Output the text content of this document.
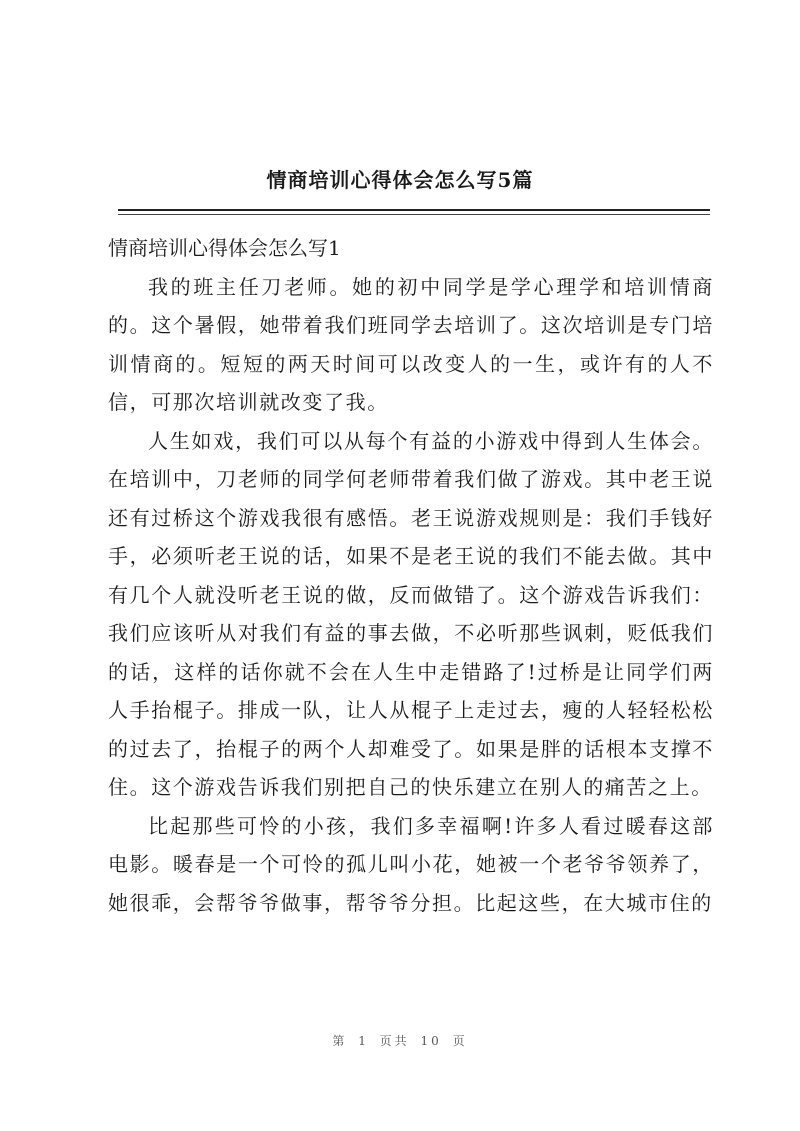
情商培训心得体会怎么写5篇
情商培训心得体会怎么写1

我的班主任刀老师。她的初中同学是学心理学和培训情商的。这个暑假，她带着我们班同学去培训了。这次培训是专门培训情商的。短短的两天时间可以改变人的一生，或许有的人不信，可那次培训就改变了我。

人生如戏，我们可以从每个有益的小游戏中得到人生体会。在培训中，刀老师的同学何老师带着我们做了游戏。其中老王说还有过桥这个游戏我很有感悟。老王说游戏规则是：我们手钱好手，必须听老王说的话，如果不是老王说的我们不能去做。其中有几个人就没听老王说的做，反而做错了。这个游戏告诉我们：我们应该听从对我们有益的事去做，不必听那些讽刺，贬低我们的话，这样的话你就不会在人生中走错路了!过桥是让同学们两人手抬棍子。排成一队，让人从棍子上走过去，瘦的人轻轻松松的过去了，抬棍子的两个人却难受了。如果是胖的话根本支撑不住。这个游戏告诉我们别把自己的快乐建立在别人的痛苦之上。

比起那些可怜的小孩，我们多幸福啊!许多人看过暖春这部电影。暖春是一个可怜的孤儿叫小花，她被一个老爷爷领养了，她很乖，会帮爷爷做事，帮爷爷分担。比起这些，在大城市住的

第 1 页共 10 页
